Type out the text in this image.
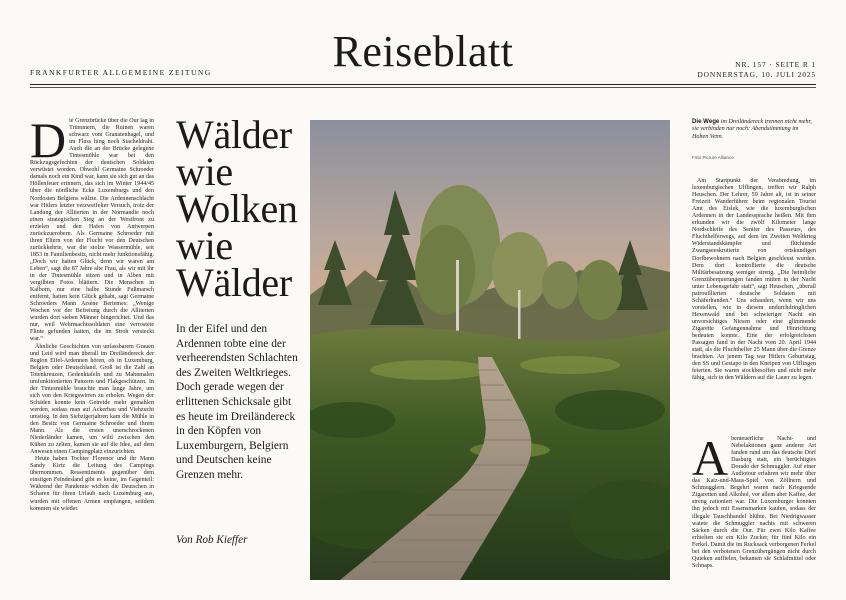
Reiseblatt
FRANKFURTER ALLGEMEINE ZEITUNG
NR. 157 · SEITE R 1
DONNERSTAG, 10. JULI 2025

Die Grenzbrücke über die Our lag in Trümmern, die Ruinen waren schwarz vom Granatenhagel, und im Fluss hing noch Stacheldraht. Auch die an der Brücke gelegene Tintesmühle war bei den Rückzugsgefechten der deutschen Soldaten verwüstet worden. Obwohl Germaine Schroeder damals noch ein Kind war, kann sie sich gut an das Höllenfeuer erinnern, das sich im Winter 1944/45 über die nördliche Ecke Luxemburgs und den Nordosten Belgiens wälzte. Die Ardennenschlacht war Hitlers letzter verzweifelter Versuch, trotz der Landung der Alliierten in der Normandie noch einen strategischen Sieg an der Westfront zu erzielen und den Hafen von Antwerpen zurückzuerobern. Als Germaine Schroeder mit ihren Eltern von der Flucht vor den Deutschen zurückkehrte, war die stolze Wassermühle, seit 1853 in Familienbesitz, nicht mehr funktionsfähig. „Doch wir hatten Glück, denn wir waren am Leben“, sagt die 87 Jahre alte Frau, als wir mit ihr in der Tintesmühle sitzen und in Alben mit vergilbten Fotos blättern. Die Menschen in Kalborn, nur eine halbe Stunde Fußmarsch entfernt, hatten kein Glück gehabt, sagt Germaine Schroeders Mann Arsène Bertemes: „Wenige Wochen vor der Befreiung durch die Alliierten wurden dort sieben Männer hingerichtet. Und das nur, weil Wehrmachtssoldaten eine verrostete Flinte gefunden hatten, die im Stroh versteckt war.“

Ähnliche Geschichten von unfassbarem Grauen und Leid wird man überall im Dreiländereck der Region Eifel-Ardennen hören, ob in Luxemburg, Belgien oder Deutschland. Groß ist die Zahl an Totenkreuzen, Gedenktafeln und zu Mahnmalen umfunktionierten Panzern und Flakgeschützen. In der Tintesmühle brauchte man lange Jahre, um sich von den Kriegswirren zu erholen. Wegen der Schäden konnte kein Getreide mehr gemahlen werden, sodass man auf Ackerbau und Viehzucht umstieg. In den Siebzigerjahren kam die Mühle in den Besitz von Germaine Schroeder und ihrem Mann. Als die ersten unerschrockenen Niederländer kamen, um wild zwischen den Kühen zu zelten, kamen sie auf die Idee, auf dem Anwesen einen Campingplatz einzurichten.

Heute haben Tochter Florence und ihr Mann Sandy Kirtz die Leitung des Campings übernommen. Ressentiments gegenüber dem einstigen Feindesland gibt es keine, im Gegenteil: Während der Pandemie wichen die Deutschen in Scharen für ihren Urlaub nach Luxemburg aus, wurden mit offenen Armen empfangen, seitdem kommen sie wieder.

Wälder
wie
Wolken
wie
Wälder
In der Eifel und den Ardennen tobte eine der verheerendsten Schlachten des Zweiten Weltkrieges. Doch gerade wegen der erlittenen Schicksale gibt es heute im Dreiländereck in den Köpfen von Luxemburgern, Belgiern und Deutschen keine Grenzen mehr.
Von Rob Kieffer
Die Wege im Dreiländereck trennen nicht mehr, sie verbinden nur noch: Abendstimmung im Hohen Venn.
Foto Picture Alliance

Am Startpunkt der Verabredung, im luxemburgischen Ulflingen, treffen wir Ralph Heuschen. Der Lehrer, 59 Jahre alt, ist in seiner Freizeit Wanderführer beim regionalen Tourist Amt des Éislek, wie die luxemburgischen Ardennen in der Landessprache heißen. Mit ihm erkunden wir die zwölf Kilometer lange Nordschleife des Sentier des Passeurs, des Fluchthelferwegs, auf dem im Zweiten Weltkrieg Widerstandskämpfer und flüchtende Zwangseeskrutierte von ortskundigen Dorfbewohnern nach Belgien geschleust wurden. Dem dort kontrollierte die deutsche Militärbesatzung weniger streng. „Die heimliche Grenzüberquerungen fanden mitten in der Nacht unter Lebensgefahr statt“, sagt Heuschen, „überall patrouillierten deutsche Soldaten mit Schäferhunden.“ Uns schaudert, wenn wir uns vorstellen, wie in diesem undurchdringlichen Hexenwald und bei schwieriger Nacht ein unvorsichtiges Niesen oder eine glimmende Zigarette Gefangennahme und Hinrichtung bedeuten konnte. Eine der erfolgreichsten Passagen fand in der Nacht vom 20. April 1944 statt, als die Fluchthelfer 25 Mann über die Grenze brachten. An jenem Tag war Hitlers Geburtstag, den SS und Gestapo in den Kneipen von Ulflingen feierten. Sie waren stockbesoffen und nicht mehr fähig, sich in den Wäldern auf die Lauer zu legen.

Abenteuerliche Nacht- und Nebelaktionen ganz anderer Art fanden rund um das deutsche Dorf Dasburg statt, ein berüchtigtes Dorado der Schmuggler. Auf einer Audiotour erfahren wir mehr über das Katz-und-Maus-Spiel von Zöllnern und Schmugglern. Begehrt waren nach Kriegsende Zigaretten und Alkohol, vor allem aber Kaffee, der streng rationiert war. Die Luxemburger konnten ihn jedoch mit Essensmarken kaufen, sodass der illegale Tauschhandel blühte. Bei Niedrigwasser watete die Schmuggler nachts mit schweren Säcken durch die Our. Für zwei Kilo Kaffee erhielten sie ein Kilo Zucker, für fünf Kilo ein Ferkel. Damit die im Rucksack verborgenen Ferkel bei den verbotenen Grenzübergängen nicht durch Quieken auffielen, bekamen sie Schlafmittel oder Schnaps.
